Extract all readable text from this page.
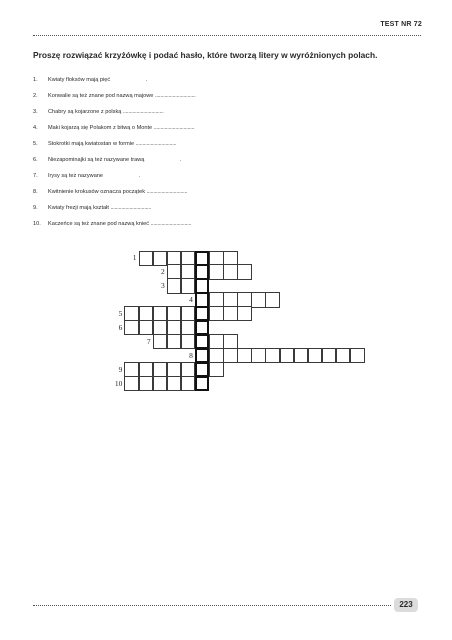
TEST NR 72
Proszę rozwiązać krzyżówkę i podać hasło, które tworzą litery w wyróżnionych polach.
1. Kwiaty floksów mają pięć	.
2. Konwalie są też znane pod nazwą majowe ..............................
3. Chabry są kojarzone z polską ..............................
4. Maki kojarzą się Polakom z bitwą o Monte ..............................
5. Stokrotki mają kwiatostan w formie ..............................
6. Niezapominajki są też nazywane trawą	.
7. Irysy są też nazywane	.
8. Kwitnienie krokusów oznacza początek ..............................
9. Kwiaty frezji mają kształt ..............................
10. Kaczeńce są też znane pod nazwą knieć ..............................
1
2
3
4
5
6
7
8
9
10
223
